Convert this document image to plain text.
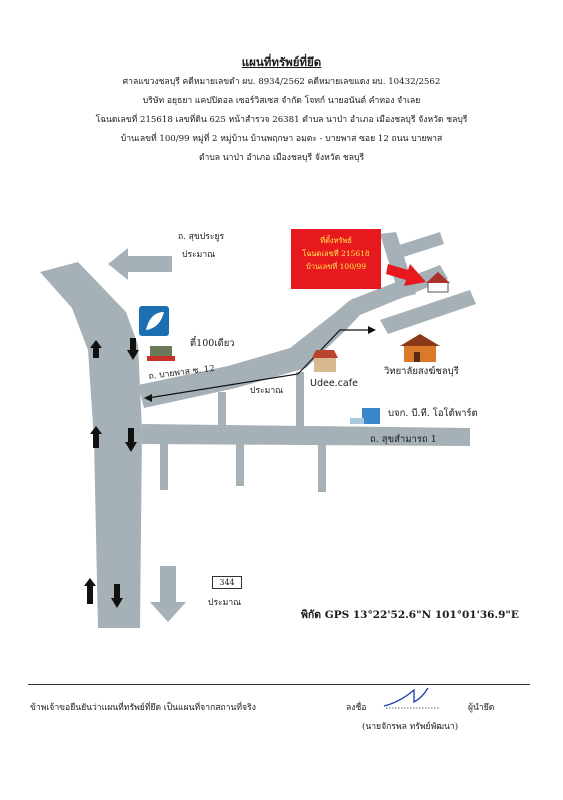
แผนที่ทรัพย์ที่ยึด
ศาลแขวงชลบุรี คดีหมายเลขดำ ผบ. 8934/2562 คดีหมายเลขแดง ผบ. 10432/2562
บริษัท อยุธยา แคปปิตอล เซอร์วิสเซส จำกัด โจทก์ นายอนันต์ คำทอง จำเลย
โฉนดเลขที่ 215618 เลขที่ดิน 625 หน้าสำรวจ 26381 ตำบล นาป่า อำเภอ เมืองชลบุรี จังหวัด ชลบุรี
บ้านเลขที่ 100/99 หมู่ที่ 2 หมู่บ้าน บ้านพฤกษา อมตะ - บายพาส ซอย 12 ถนน บายพาส
ตำบล นาป่า อำเภอ เมืองชลบุรี จังหวัด ชลบุรี
ที่ตั้งทรัพย์
โฉนดเลขที่ 215618
บ้านเลขที่ 100/99
ถ. สุขประยูร
ประมาณ
ตี๋100เดียว
ถ. บายพาส ซ. 12
ประมาณ
Udee.cafe
วิทยาลัยสงฆ์ชลบุรี
บจก. บี.ที. โอโต้พาร์ต
ถ. สุขสำมารถ 1
344
ประมาณ
พิกัด GPS 13°22'52.6"N 101°01'36.9"E
ข้าพเจ้าขอยืนยันว่าแผนที่ทรัพย์ที่ยึด เป็นแผนที่จากสถานที่จริง	ลงชื่อ	ผู้นำยึด
(นายจักรพล ทรัพย์พัฒนา)
